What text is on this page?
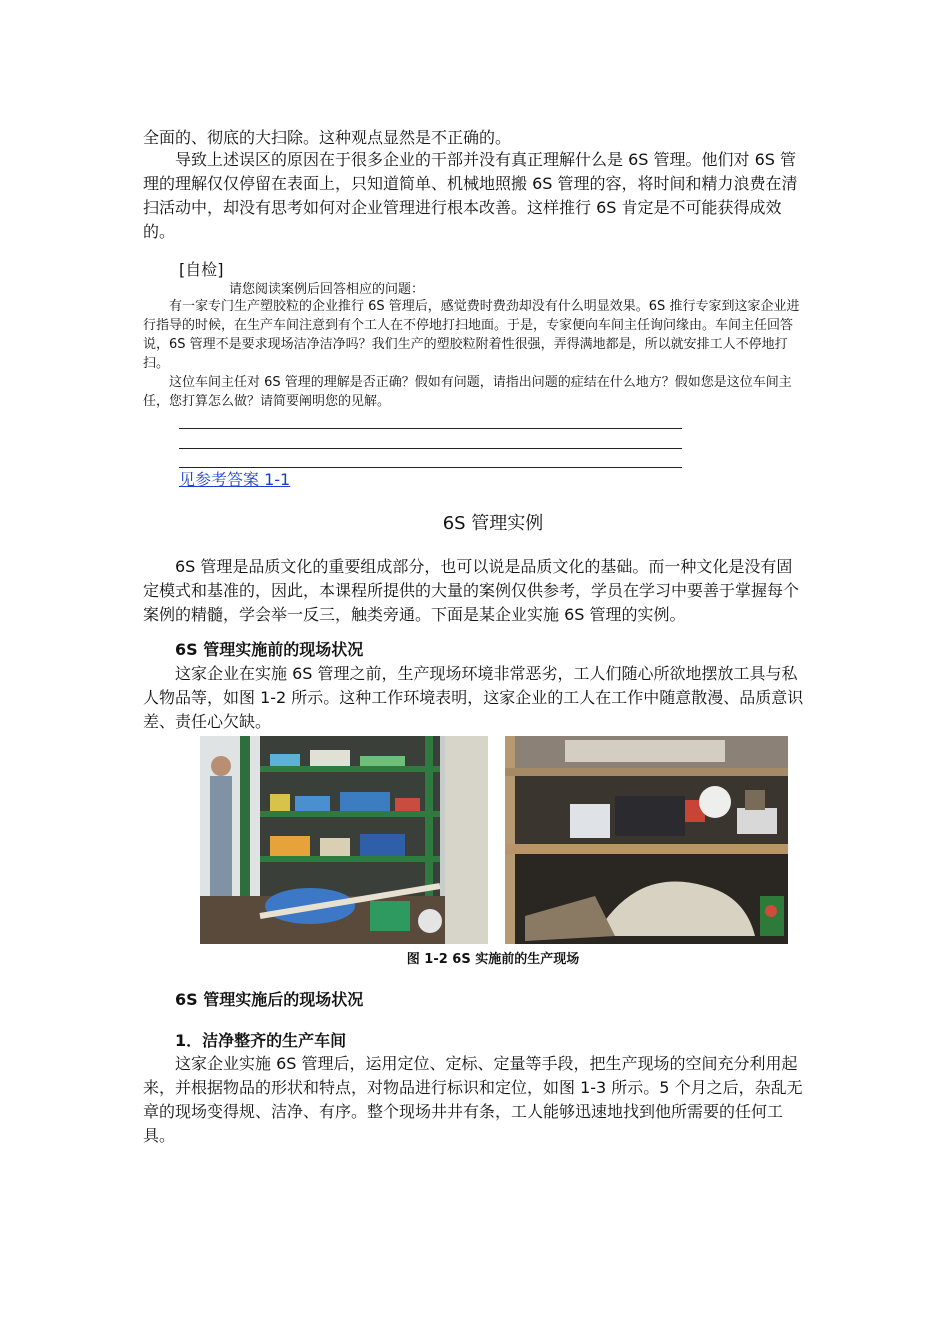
全面的、彻底的大扫除。这种观点显然是不正确的。

导致上述误区的原因在于很多企业的干部并没有真正理解什么是 6S 管理。他们对 6S 管理的理解仅仅停留在表面上，只知道简单、机械地照搬 6S 管理的容，将时间和精力浪费在清扫活动中，却没有思考如何对企业管理进行根本改善。这样推行 6S 肯定是不可能获得成效的。

[自检]
请您阅读案例后回答相应的问题：

有一家专门生产塑胶粒的企业推行 6S 管理后，感觉费时费劲却没有什么明显效果。6S 推行专家到这家企业进行指导的时候，在生产车间注意到有个工人在不停地打扫地面。于是，专家便向车间主任询问缘由。车间主任回答说，6S 管理不是要求现场洁净洁净吗？我们生产的塑胶粒附着性很强，弄得满地都是，所以就安排工人不停地打扫。

这位车间主任对 6S 管理的理解是否正确？假如有问题，请指出问题的症结在什么地方？假如您是这位车间主任，您打算怎么做？请简要阐明您的见解。

见参考答案 1-1
6S 管理实例

6S 管理是品质文化的重要组成部分，也可以说是品质文化的基础。而一种文化是没有固定模式和基准的，因此，本课程所提供的大量的案例仅供参考，学员在学习中要善于掌握每个案例的精髓，学会举一反三，触类旁通。下面是某企业实施 6S 管理的实例。

6S 管理实施前的现场状况

这家企业在实施 6S 管理之前，生产现场环境非常恶劣，工人们随心所欲地摆放工具与私人物品等，如图 1-2 所示。这种工作环境表明，这家企业的工人在工作中随意散漫、品质意识差、责任心欠缺。

图 1-2 6S 实施前的生产现场
6S 管理实施后的现场状况
1．洁净整齐的生产车间

这家企业实施 6S 管理后，运用定位、定标、定量等手段，把生产现场的空间充分利用起来，并根据物品的形状和特点，对物品进行标识和定位，如图 1-3 所示。5 个月之后，杂乱无章的现场变得规、洁净、有序。整个现场井井有条，工人能够迅速地找到他所需要的任何工具。
